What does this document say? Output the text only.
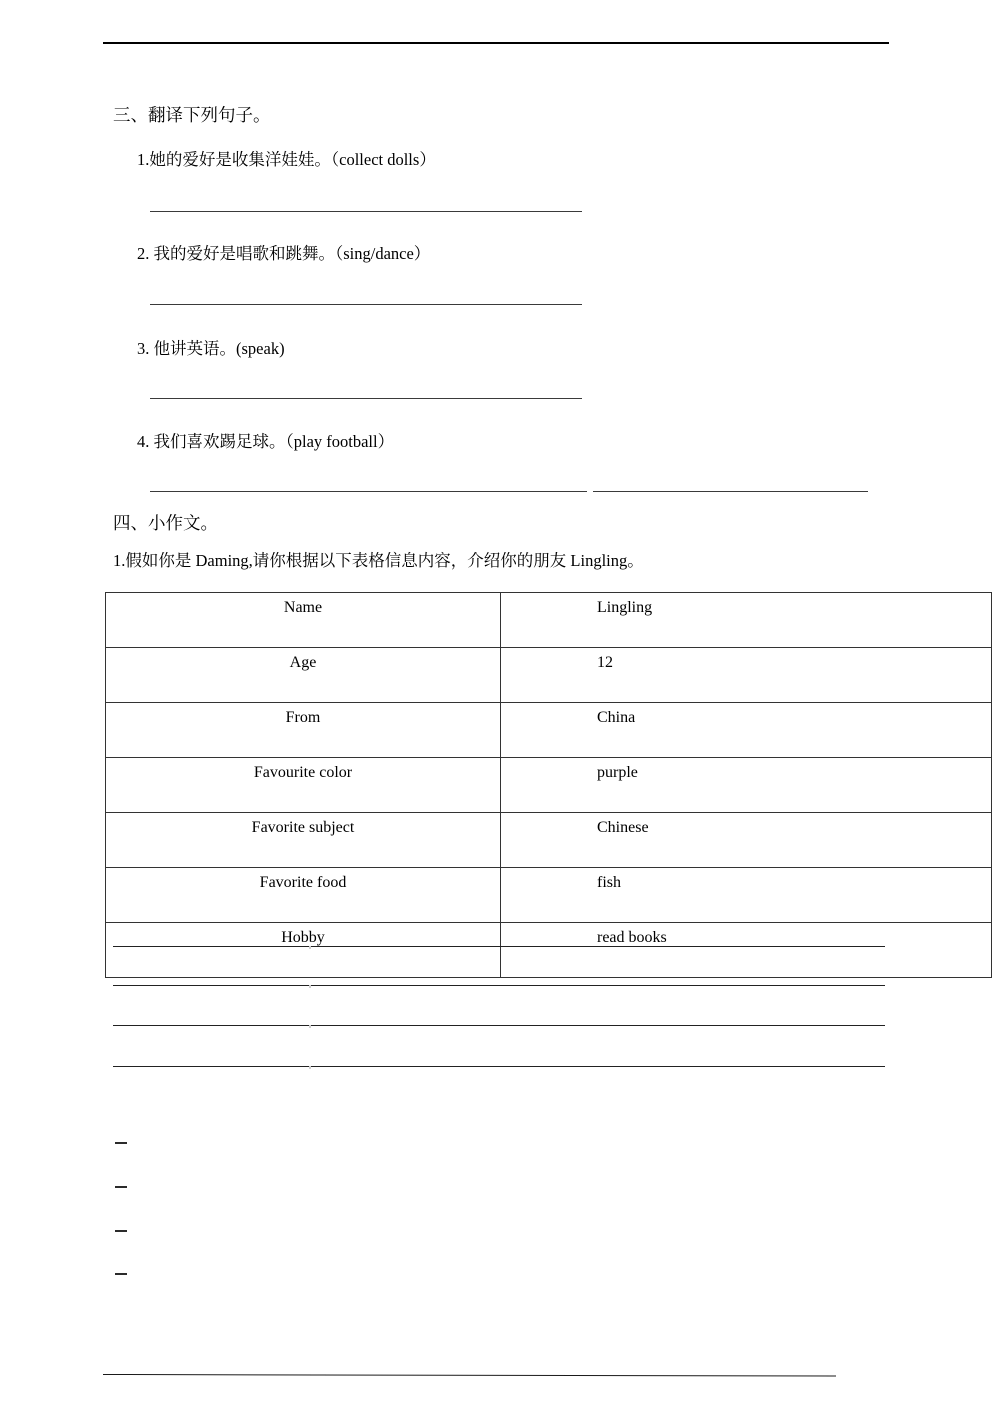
三、翻译下列句子。
1.她的爱好是收集洋娃娃。（collect dolls）
2. 我的爱好是唱歌和跳舞。（sing/dance）
3. 他讲英语。(speak)
4. 我们喜欢踢足球。（play football）
四、小作文。
1.假如你是 Daming,请你根据以下表格信息内容，介绍你的朋友 Lingling。
Name	Lingling
Age	12
From	China
Favourite color	purple
Favorite subject	Chinese
Favorite food	fish
Hobby	read books
